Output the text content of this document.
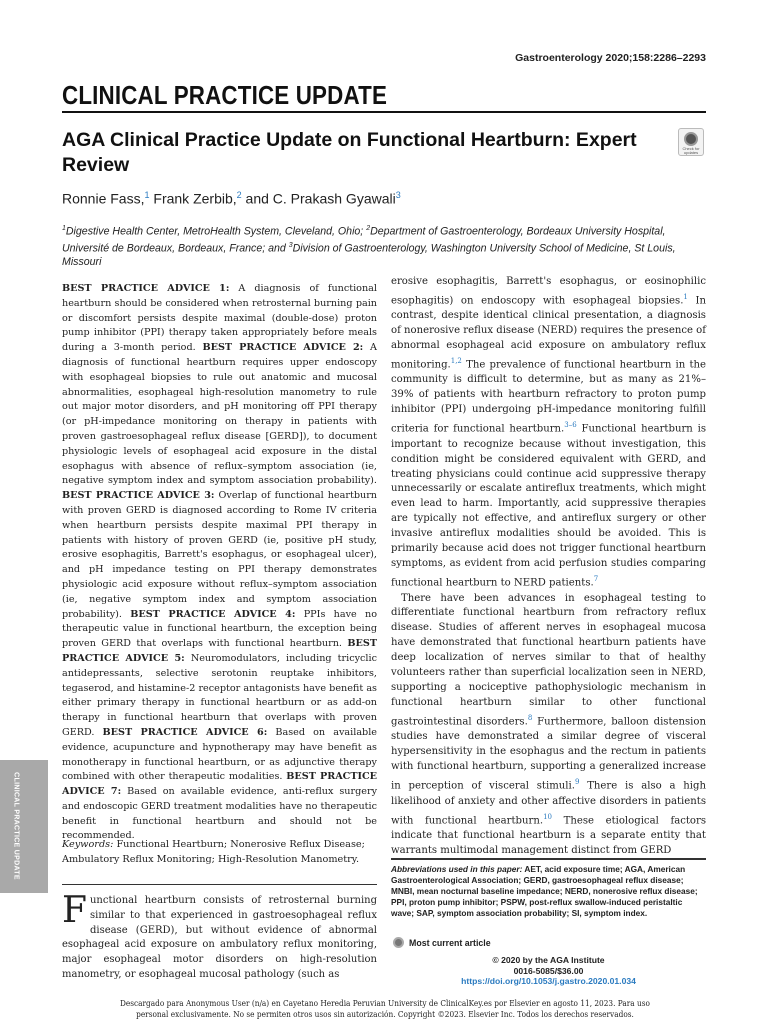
Gastroenterology 2020;158:2286–2293
CLINICAL PRACTICE UPDATE
AGA Clinical Practice Update on Functional Heartburn: Expert Review
Check for updates
Ronnie Fass,$^1$ Frank Zerbib,$^2$ and C. Prakash Gyawali$^3$
$^1$Digestive Health Center, MetroHealth System, Cleveland, Ohio; $^2$Department of Gastroenterology, Bordeaux University Hospital, Université de Bordeaux, Bordeaux, France; and $^3$Division of Gastroenterology, Washington University School of Medicine, St Louis, Missouri
BEST PRACTICE ADVICE 1: A diagnosis of functional heartburn should be considered when retrosternal burning pain or discomfort persists despite maximal (double-dose) proton pump inhibitor (PPI) therapy taken appropriately before meals during a 3-month period. BEST PRACTICE ADVICE 2: A diagnosis of functional heartburn requires upper endoscopy with esophageal biopsies to rule out anatomic and mucosal abnormalities, esophageal high-resolution manometry to rule out major motor disorders, and pH monitoring off PPI therapy (or pH-impedance monitoring on therapy in patients with proven gastroesophageal reflux disease [GERD]), to document physiologic levels of esophageal acid exposure in the distal esophagus with absence of reflux–symptom association (ie, negative symptom index and symptom association probability). BEST PRACTICE ADVICE 3: Overlap of functional heartburn with proven GERD is diagnosed according to Rome IV criteria when heartburn persists despite maximal PPI therapy in patients with history of proven GERD (ie, positive pH study, erosive esophagitis, Barrett's esophagus, or esophageal ulcer), and pH impedance testing on PPI therapy demonstrates physiologic acid exposure without reflux–symptom association (ie, negative symptom index and symptom association probability). BEST PRACTICE ADVICE 4: PPIs have no therapeutic value in functional heartburn, the exception being proven GERD that overlaps with functional heartburn. BEST PRACTICE ADVICE 5: Neuromodulators, including tricyclic antidepressants, selective serotonin reuptake inhibitors, tegaserod, and histamine-2 receptor antagonists have benefit as either primary therapy in functional heartburn or as add-on therapy in functional heartburn that overlaps with proven GERD. BEST PRACTICE ADVICE 6: Based on available evidence, acupuncture and hypnotherapy may have benefit as monotherapy in functional heartburn, or as adjunctive therapy combined with other therapeutic modalities. BEST PRACTICE ADVICE 7: Based on available evidence, anti-reflux surgery and endoscopic GERD treatment modalities have no therapeutic benefit in functional heartburn and should not be recommended.
Keywords: Functional Heartburn; Nonerosive Reflux Disease; Ambulatory Reflux Monitoring; High-Resolution Manometry.
Functional heartburn consists of retrosternal burning similar to that experienced in gastroesophageal reflux disease (GERD), but without evidence of abnormal esophageal acid exposure on ambulatory reflux monitoring, major esophageal motor disorders on high-resolution manometry, or esophageal mucosal pathology (such as

erosive esophagitis, Barrett's esophagus, or eosinophilic esophagitis) on endoscopy with esophageal biopsies.$^1$ In contrast, despite identical clinical presentation, a diagnosis of nonerosive reflux disease (NERD) requires the presence of abnormal esophageal acid exposure on ambulatory reflux monitoring.$^{1,2}$ The prevalence of functional heartburn in the community is difficult to determine, but as many as 21%–39% of patients with heartburn refractory to proton pump inhibitor (PPI) undergoing pH-impedance monitoring fulfill criteria for functional heartburn.$^{3-6}$ Functional heartburn is important to recognize because without investigation, this condition might be considered equivalent with GERD, and treating physicians could continue acid suppressive therapy unnecessarily or escalate antireflux treatments, which might even lead to harm. Importantly, acid suppressive therapies are typically not effective, and antireflux surgery or other invasive antireflux modalities should be avoided. This is primarily because acid does not trigger functional heartburn symptoms, as evident from acid perfusion studies comparing functional heartburn to NERD patients.$^7$

There have been advances in esophageal testing to differentiate functional heartburn from refractory reflux disease. Studies of afferent nerves in esophageal mucosa have demonstrated that functional heartburn patients have deep localization of nerves similar to that of healthy volunteers rather than superficial localization seen in NERD, supporting a nociceptive pathophysiologic mechanism in functional heartburn similar to other functional gastrointestinal disorders.$^8$ Furthermore, balloon distension studies have demonstrated a similar degree of visceral hypersensitivity in the esophagus and the rectum in patients with functional heartburn, supporting a generalized increase in perception of visceral stimuli.$^9$ There is also a high likelihood of anxiety and other affective disorders in patients with functional heartburn.$^{10}$ These etiological factors indicate that functional heartburn is a separate entity that warrants multimodal management distinct from GERD

Abbreviations used in this paper: AET, acid exposure time; AGA, American Gastroenterological Association; GERD, gastroesophageal reflux disease; MNBI, mean nocturnal baseline impedance; NERD, nonerosive reflux disease; PPI, proton pump inhibitor; PSPW, post-reflux swallow-induced peristaltic wave; SAP, symptom association probability; SI, symptom index.
Most current article
© 2020 by the AGA Institute
0016-5085/$36.00
https://doi.org/10.1053/j.gastro.2020.01.034
Descargado para Anonymous User (n/a) en Cayetano Heredia Peruvian University de ClinicalKey.es por Elsevier en agosto 11, 2023. Para uso
personal exclusivamente. No se permiten otros usos sin autorización. Copyright ©2023. Elsevier Inc. Todos los derechos reservados.
CLINICAL PRACTICE UPDATE
